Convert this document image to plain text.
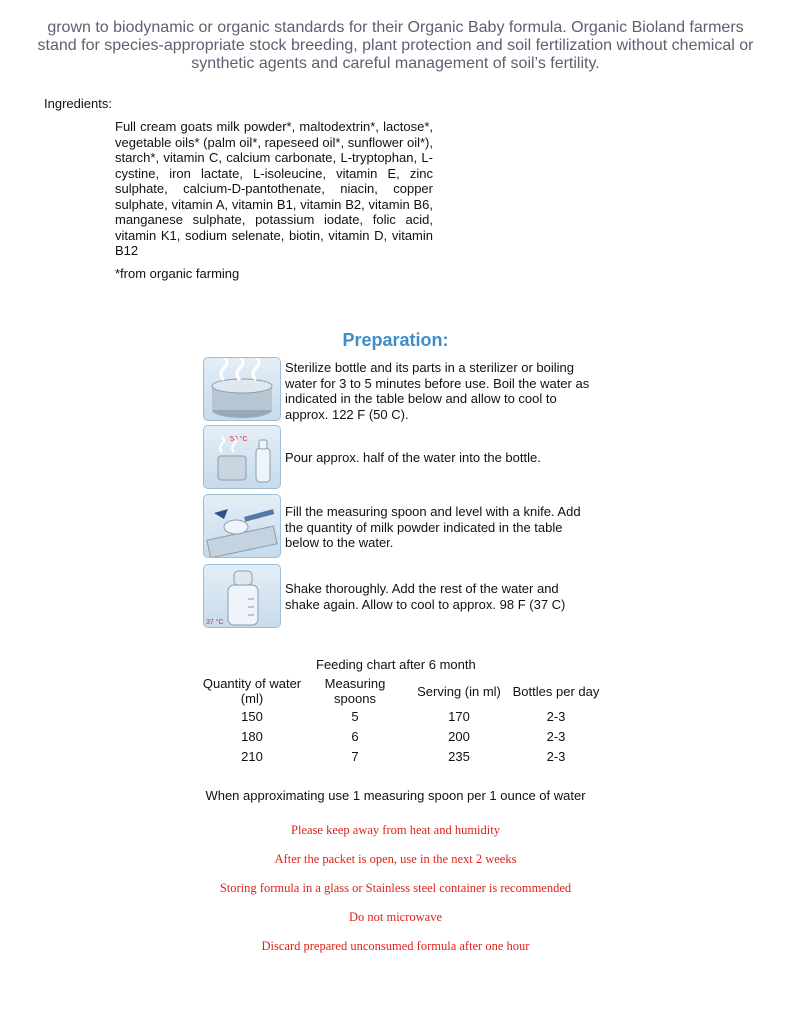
grown to biodynamic or organic standards for their Organic Baby formula. Organic Bioland farmers stand for species-appropriate stock breeding, plant protection and soil fertilization without chemical or synthetic agents and careful management of soil’s fertility.

Ingredients:

Full cream goats milk powder*, maltodextrin*, lactose*, vegetable oils* (palm oil*, rapeseed oil*, sunflower oil*), starch*, vitamin C, calcium carbonate, L-tryptophan, L-cystine, iron lactate, L-isoleucine, vitamin E, zinc sulphate, calcium-D-pantothenate, niacin, copper sulphate, vitamin A, vitamin B1, vitamin B2, vitamin B6, manganese sulphate, potassium iodate, folic acid, vitamin K1, sodium selenate, biotin, vitamin D, vitamin B12

*from organic farming

Preparation:

Sterilize bottle and its parts in a sterilizer or boiling water for 3 to 5 minutes before use. Boil the water as indicated in the table below and allow to cool to approx. 122 F (50 C).

50 °C

Pour approx. half of the water into the bottle.

Fill the measuring spoon and level with a knife. Add the quantity of milk powder indicated in the table below to the water.

37 °C

Shake thoroughly. Add the rest of the water and shake again. Allow to cool to approx. 98 F (37 C)

Feeding chart after 6 month

Quantity of water (ml)	Measuring spoons	Serving (in ml)	Bottles per day
150	5	170	2-3
180	6	200	2-3
210	7	235	2-3

When approximating use 1 measuring spoon per 1 ounce of water

Please keep away from heat and humidity

After the packet is open, use in the next 2 weeks

Storing formula in a glass or Stainless steel container is recommended

Do not microwave

Discard prepared unconsumed formula after one hour
